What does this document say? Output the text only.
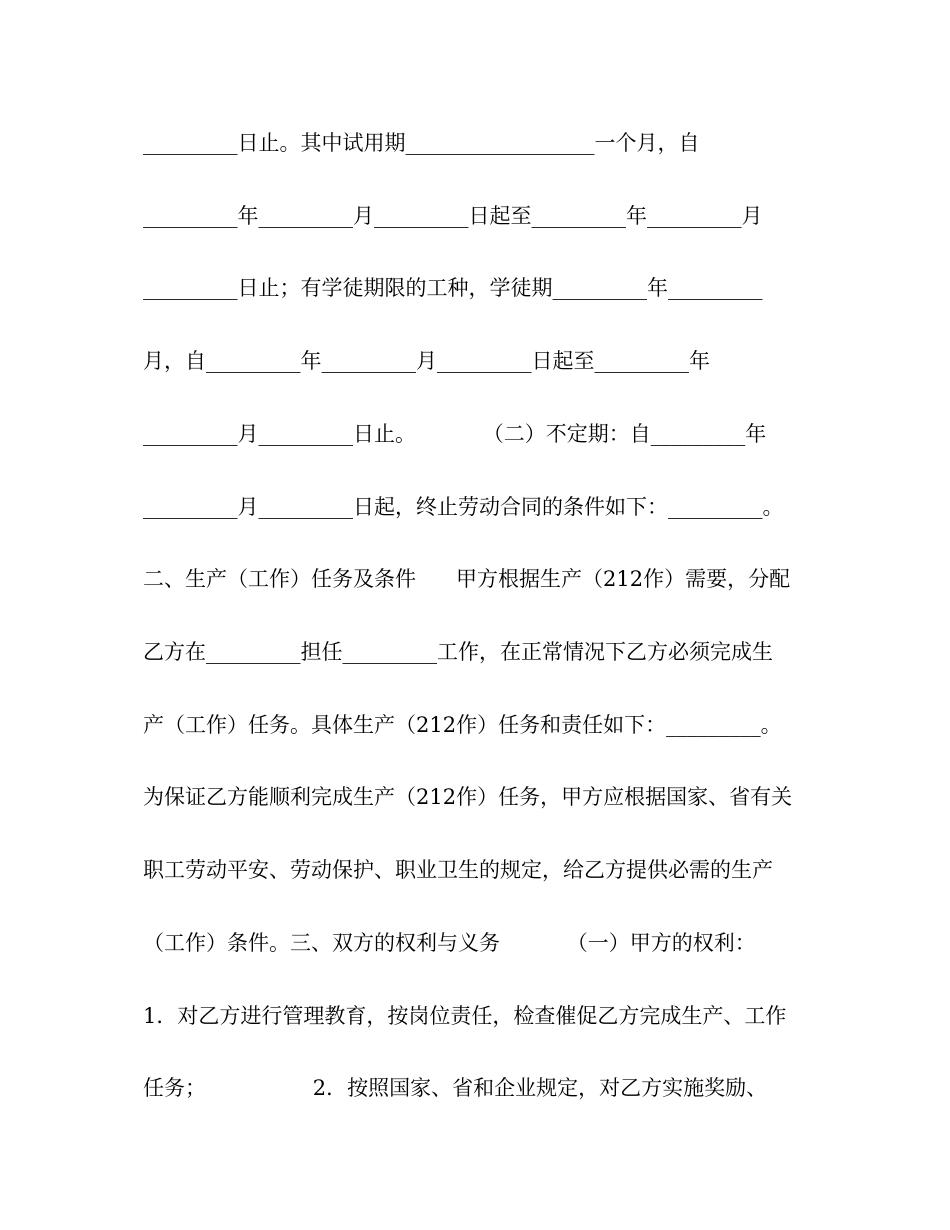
_________日止。其中试用期__________________一个月，自
_________年_________月_________日起至_________年_________月
_________日止；有学徒期限的工种，学徒期_________年_________
月，自_________年_________月_________日起至_________年
_________月_________日止。          （二）不定期：自_________年
_________月_________日起，终止劳动合同的条件如下：_________。
二、生产（工作）任务及条件      甲方根据生产（212作）需要，分配
乙方在_________担任_________工作，在正常情况下乙方必须完成生
产（工作）任务。具体生产（212作）任务和责任如下：_________。
为保证乙方能顺利完成生产（212作）任务，甲方应根据国家、省有关
职工劳动平安、劳动保护、职业卫生的规定，给乙方提供必需的生产
（工作）条件。三、双方的权利与义务          （一）甲方的权利：
1．对乙方进行管理教育，按岗位责任，检查催促乙方完成生产、工作
任务；                2．按照国家、省和企业规定，对乙方实施奖励、
